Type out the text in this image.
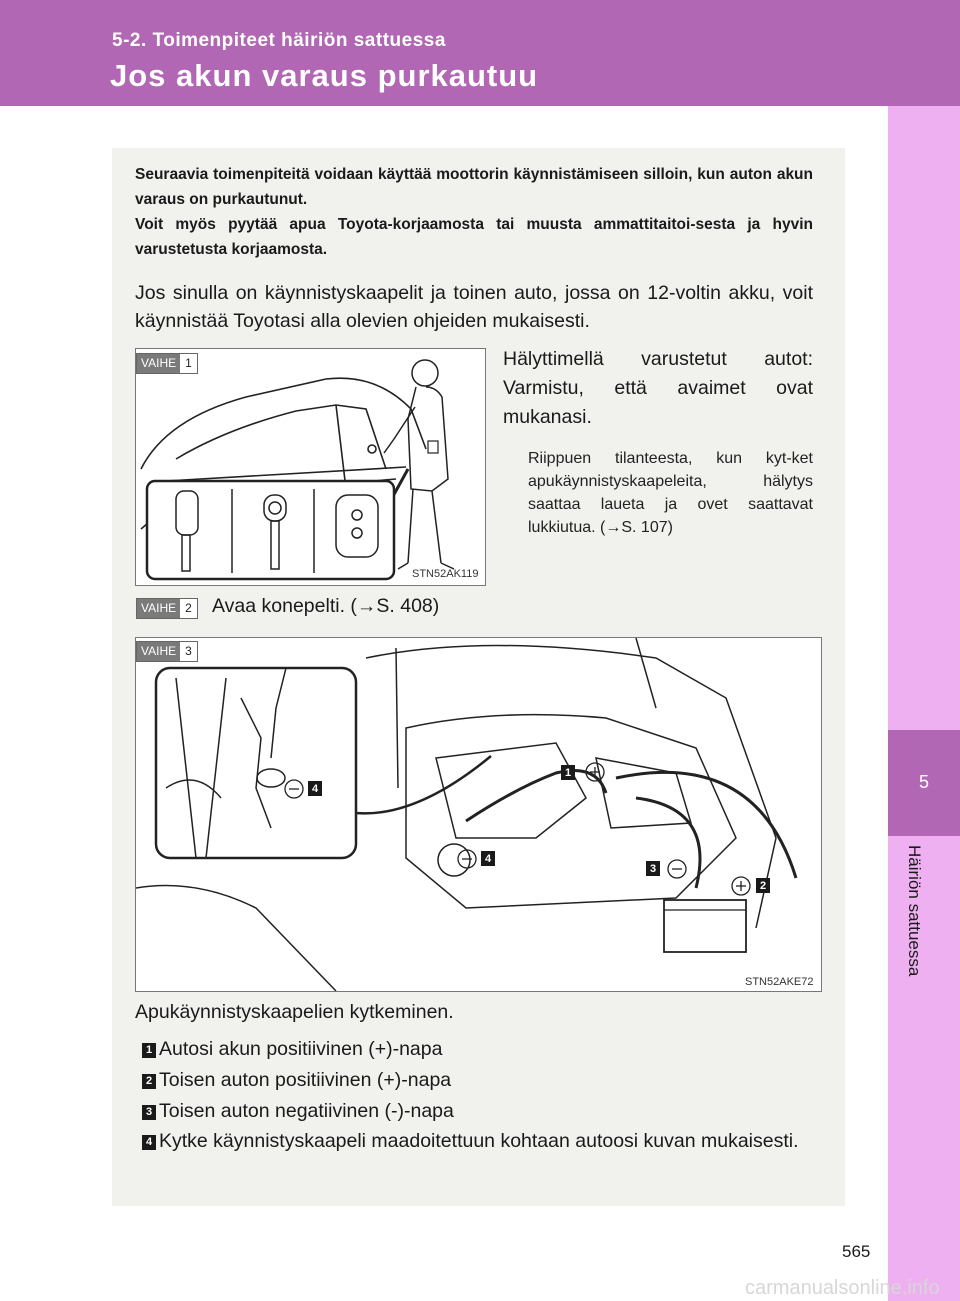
5-2. Toimenpiteet häiriön sattuessa
Jos akun varaus purkautuu
5
Häiriön sattuessa

Seuraavia toimenpiteitä voidaan käyttää moottorin käynnistämiseen silloin, kun auton akun varaus on purkautunut.

Voit myös pyytää apua Toyota-korjaamosta tai muusta ammattitaitoi-sesta ja hyvin varustetusta korjaamosta.

Jos sinulla on käynnistyskaapelit ja toinen auto, jossa on 12-voltin akku, voit käynnistää Toyotasi alla olevien ohjeiden mukaisesti.
VAIHE 1
STN52AK119
Hälyttimellä varustetut autot: Varmistu, että avaimet ovat mukanasi.
Riippuen tilanteesta, kun kyt-ket apukäynnistyskaapeleita, hälytys saattaa laueta ja ovet saattavat lukkiutua. (→S. 107)
VAIHE 2 Avaa konepelti. (→S. 408)
1
2
3
4
4
VAIHE 3
STN52AKE72
Apukäynnistyskaapelien kytkeminen.
1 Autosi akun positiivinen (+)-napa
2 Toisen auton positiivinen (+)-napa
3 Toisen auton negatiivinen (-)-napa
4 Kytke käynnistyskaapeli maadoitettuun kohtaan autoosi kuvan mukaisesti.
565
carmanualsonline.info
